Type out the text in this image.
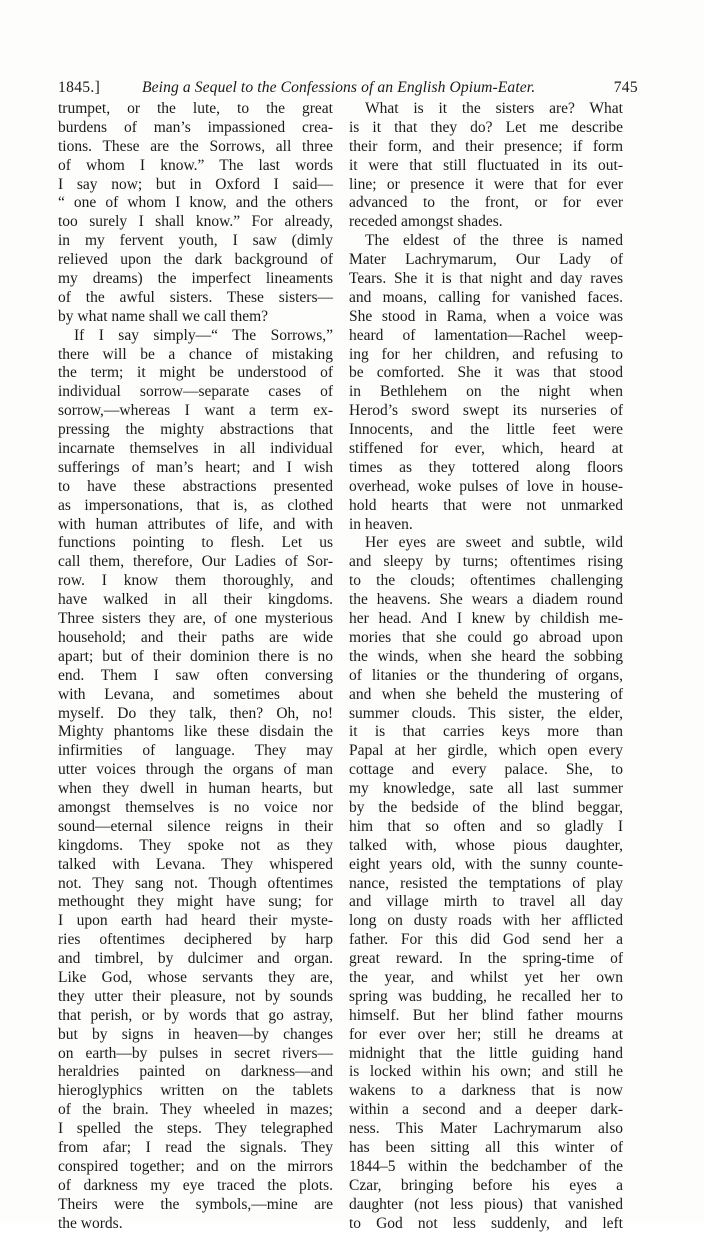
1845.]	Being a Sequel to the Confessions of an English Opium-Eater.	745
trumpet, or the lute, to the great
burdens of man’s impassioned crea-
tions. These are the Sorrows, all three
of whom I know.” The last words
I say now; but in Oxford I said—
“ one of whom I know, and the others
too surely I shall know.” For already,
in my fervent youth, I saw (dimly
relieved upon the dark background of
my dreams) the imperfect lineaments
of the awful sisters. These sisters—
by what name shall we call them?
If I say simply—“ The Sorrows,”
there will be a chance of mistaking
the term; it might be understood of
individual sorrow—separate cases of
sorrow,—whereas I want a term ex-
pressing the mighty abstractions that
incarnate themselves in all individual
sufferings of man’s heart; and I wish
to have these abstractions presented
as impersonations, that is, as clothed
with human attributes of life, and with
functions pointing to flesh. Let us
call them, therefore, Our Ladies of Sor-
row. I know them thoroughly, and
have walked in all their kingdoms.
Three sisters they are, of one mysterious
household; and their paths are wide
apart; but of their dominion there is no
end. Them I saw often conversing
with Levana, and sometimes about
myself. Do they talk, then? Oh, no!
Mighty phantoms like these disdain the
infirmities of language. They may
utter voices through the organs of man
when they dwell in human hearts, but
amongst themselves is no voice nor
sound—eternal silence reigns in their
kingdoms. They spoke not as they
talked with Levana. They whispered
not. They sang not. Though oftentimes
methought they might have sung; for
I upon earth had heard their myste-
ries oftentimes deciphered by harp
and timbrel, by dulcimer and organ.
Like God, whose servants they are,
they utter their pleasure, not by sounds
that perish, or by words that go astray,
but by signs in heaven—by changes
on earth—by pulses in secret rivers—
heraldries painted on darkness—and
hieroglyphics written on the tablets
of the brain. They wheeled in mazes;
I spelled the steps. They telegraphed
from afar; I read the signals. They
conspired together; and on the mirrors
of darkness my eye traced the plots.
Theirs were the symbols,—mine are
the words.
What is it the sisters are? What
is it that they do? Let me describe
their form, and their presence; if form
it were that still fluctuated in its out-
line; or presence it were that for ever
advanced to the front, or for ever
receded amongst shades.
The eldest of the three is named
Mater Lachrymarum, Our Lady of
Tears. She it is that night and day raves
and moans, calling for vanished faces.
She stood in Rama, when a voice was
heard of lamentation—Rachel weep-
ing for her children, and refusing to
be comforted. She it was that stood
in Bethlehem on the night when
Herod’s sword swept its nurseries of
Innocents, and the little feet were
stiffened for ever, which, heard at
times as they tottered along floors
overhead, woke pulses of love in house-
hold hearts that were not unmarked
in heaven.
Her eyes are sweet and subtle, wild
and sleepy by turns; oftentimes rising
to the clouds; oftentimes challenging
the heavens. She wears a diadem round
her head. And I knew by childish me-
mories that she could go abroad upon
the winds, when she heard the sobbing
of litanies or the thundering of organs,
and when she beheld the mustering of
summer clouds. This sister, the elder,
it is that carries keys more than
Papal at her girdle, which open every
cottage and every palace. She, to
my knowledge, sate all last summer
by the bedside of the blind beggar,
him that so often and so gladly I
talked with, whose pious daughter,
eight years old, with the sunny counte-
nance, resisted the temptations of play
and village mirth to travel all day
long on dusty roads with her afflicted
father. For this did God send her a
great reward. In the spring-time of
the year, and whilst yet her own
spring was budding, he recalled her to
himself. But her blind father mourns
for ever over her; still he dreams at
midnight that the little guiding hand
is locked within his own; and still he
wakens to a darkness that is now
within a second and a deeper dark-
ness. This Mater Lachrymarum also
has been sitting all this winter of
1844–5 within the bedchamber of the
Czar, bringing before his eyes a
daughter (not less pious) that vanished
to God not less suddenly, and left
